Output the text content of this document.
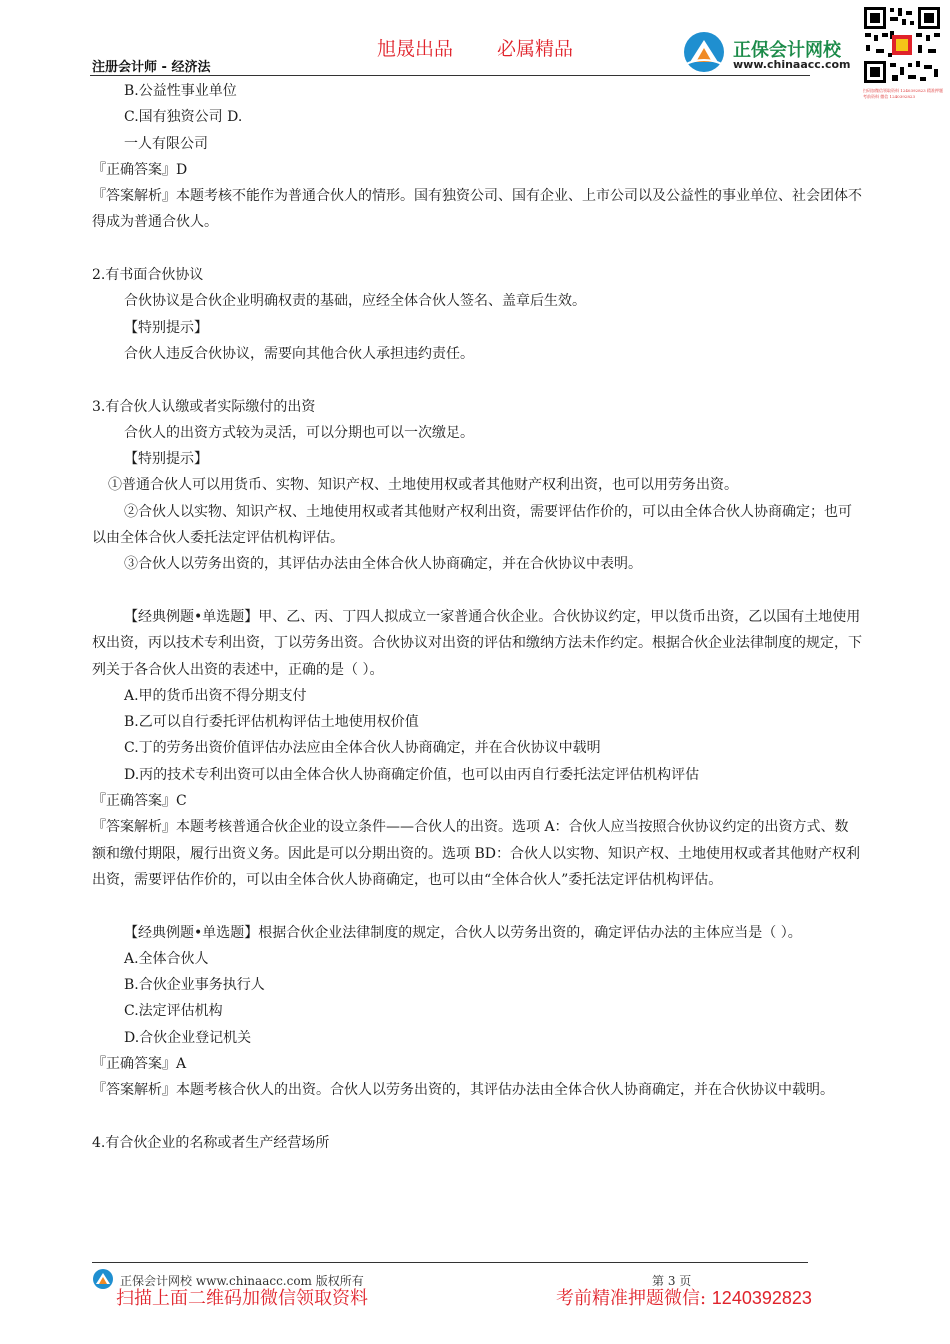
旭晟出品 必属精品
注册会计师 - 经济法
正保会计网校
www.chinaacc.com
扫码加微信领取资料 1240392823 精准押题 考前资料 微信 1240392823

B.公益性事业单位

C.国有独资公司 D.

一人有限公司

『正确答案』D

『答案解析』本题考核不能作为普通合伙人的情形。国有独资公司、国有企业、上市公司以及公益性的事业单位、社会团体不得成为普通合伙人。

2.有书面合伙协议

合伙协议是合伙企业明确权责的基础，应经全体合伙人签名、盖章后生效。

【特别提示】

合伙人违反合伙协议，需要向其他合伙人承担违约责任。

3.有合伙人认缴或者实际缴付的出资

合伙人的出资方式较为灵活，可以分期也可以一次缴足。

【特别提示】

①普通合伙人可以用货币、实物、知识产权、土地使用权或者其他财产权利出资，也可以用劳务出资。

②合伙人以实物、知识产权、土地使用权或者其他财产权利出资，需要评估作价的，可以由全体合伙人协商确定；也可以由全体合伙人委托法定评估机构评估。

③合伙人以劳务出资的，其评估办法由全体合伙人协商确定，并在合伙协议中表明。

【经典例题•单选题】甲、乙、丙、丁四人拟成立一家普通合伙企业。合伙协议约定，甲以货币出资，乙以国有土地使用权出资，丙以技术专利出资，丁以劳务出资。合伙协议对出资的评估和缴纳方法未作约定。根据合伙企业法律制度的规定，下列关于各合伙人出资的表述中，正确的是（ ）。

A.甲的货币出资不得分期支付

B.乙可以自行委托评估机构评估土地使用权价值

C.丁的劳务出资价值评估办法应由全体合伙人协商确定，并在合伙协议中载明

D.丙的技术专利出资可以由全体合伙人协商确定价值，也可以由丙自行委托法定评估机构评估

『正确答案』C

『答案解析』本题考核普通合伙企业的设立条件——合伙人的出资。选项 A：合伙人应当按照合伙协议约定的出资方式、数额和缴付期限，履行出资义务。因此是可以分期出资的。选项 BD：合伙人以实物、知识产权、土地使用权或者其他财产权利出资，需要评估作价的，可以由全体合伙人协商确定，也可以由“全体合伙人”委托法定评估机构评估。

【经典例题•单选题】根据合伙企业法律制度的规定，合伙人以劳务出资的，确定评估办法的主体应当是（ ）。

A.全体合伙人

B.合伙企业事务执行人

C.法定评估机构

D.合伙企业登记机关

『正确答案』A

『答案解析』本题考核合伙人的出资。合伙人以劳务出资的，其评估办法由全体合伙人协商确定，并在合伙协议中载明。

4.有合伙企业的名称或者生产经营场所

正保会计网校 www.chinaacc.com 版权所有	第 3 页
扫描上面二维码加微信领取资料	考前精准押题微信: 1240392823
